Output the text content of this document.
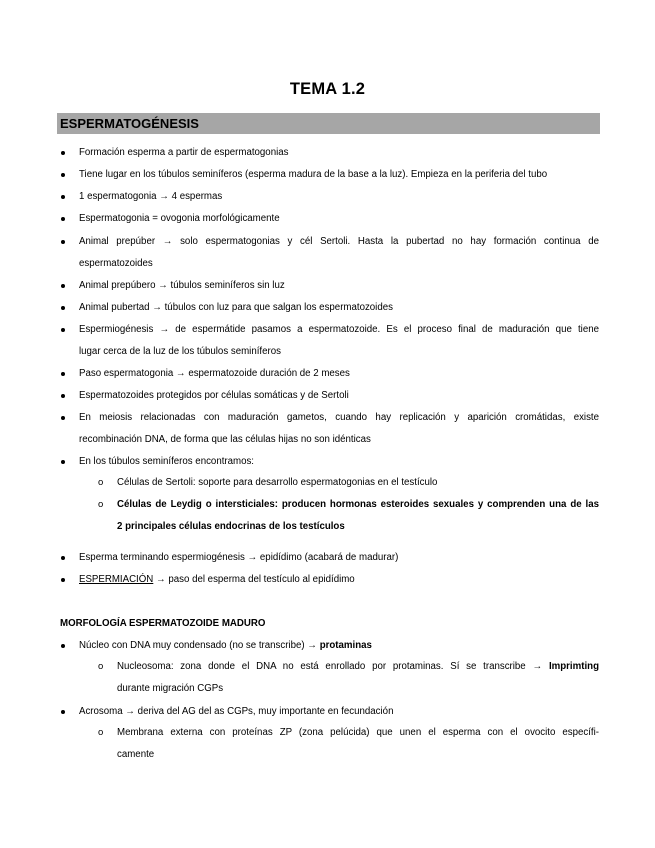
TEMA 1.2
ESPERMATOGÉNESIS
Formación esperma a partir de espermatogonias
Tiene lugar en los túbulos seminíferos (esperma madura de la base a la luz). Empieza en la periferia del tubo
1 espermatogonia → 4 espermas
Espermatogonia = ovogonia morfológicamente
Animal prepúber → solo espermatogonias y cél Sertoli. Hasta la pubertad no hay formación continua de
espermatozoides
Animal prepúbero → túbulos seminíferos sin luz
Animal pubertad → túbulos con luz para que salgan los espermatozoides
Espermiogénesis → de espermátide pasamos a espermatozoide. Es el proceso final de maduración que tiene
lugar cerca de la luz de los túbulos seminíferos
Paso espermatogonia → espermatozoide duración de 2 meses
Espermatozoides protegidos por células somáticas y de Sertoli
En meiosis relacionadas con maduración gametos, cuando hay replicación y aparición cromátidas, existe
recombinación DNA, de forma que las células hijas no son idénticas
En los túbulos seminíferos encontramos:
o Células de Sertoli: soporte para desarrollo espermatogonias en el testículo
o Células de Leydig o intersticiales: producen hormonas esteroides sexuales y comprenden una de las
2 principales células endocrinas de los testículos
Esperma terminando espermiogénesis → epidídimo (acabará de madurar)
ESPERMIACIÓN → paso del esperma del testículo al epidídimo
MORFOLOGÍA ESPERMATOZOIDE MADURO
Núcleo con DNA muy condensado (no se transcribe) → protaminas
o Nucleosoma: zona donde el DNA no está enrollado por protaminas. Sí se transcribe → Imprimting
durante migración CGPs
Acrosoma → deriva del AG del as CGPs, muy importante en fecundación
o Membrana externa con proteínas ZP (zona pelúcida) que unen el esperma con el ovocito específi-
camente
